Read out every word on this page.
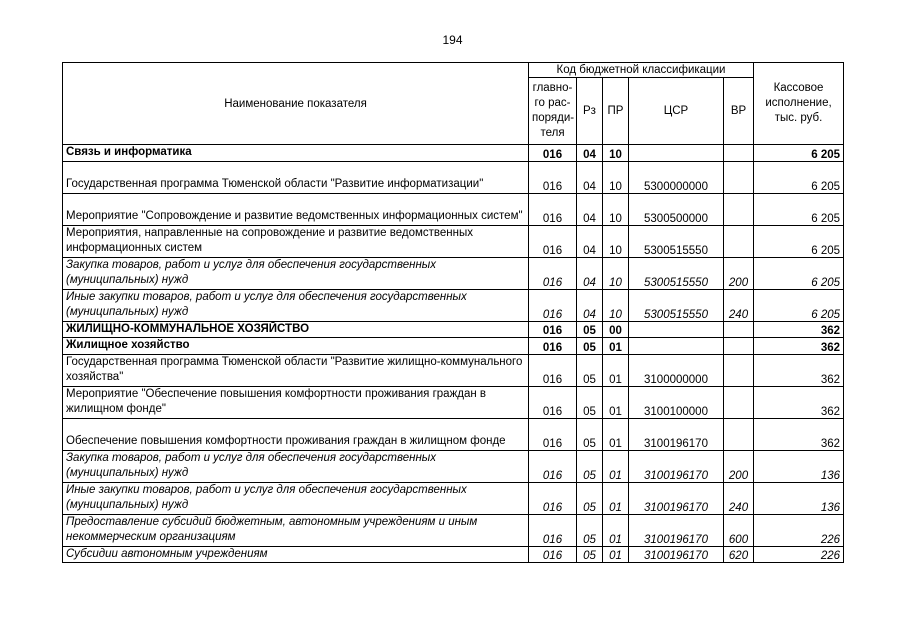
194
Наименование показателя	Код бюджетной классификации					Кассовое исполнение, тыс. руб.
	главно-го рас-поряди-теля	Рз	ПР	ЦСР	ВР	
Связь и информатика	016	04	10			6 205
Государственная программа Тюменской области "Развитие информатизации"	016	04	10	5300000000		6 205
Мероприятие "Сопровождение и развитие ведомственных информационных систем"	016	04	10	5300500000		6 205
Мероприятия, направленные на сопровождение и развитие ведомственных информационных систем	016	04	10	5300515550		6 205
Закупка товаров, работ и услуг для обеспечения государственных (муниципальных) нужд	016	04	10	5300515550	200	6 205
Иные закупки товаров, работ и услуг для обеспечения государственных (муниципальных) нужд	016	04	10	5300515550	240	6 205
ЖИЛИЩНО-КОММУНАЛЬНОЕ ХОЗЯЙСТВО	016	05	00			362
Жилищное хозяйство	016	05	01			362
Государственная программа Тюменской области "Развитие жилищно-коммунального хозяйства"	016	05	01	3100000000		362
Мероприятие "Обеспечение повышения комфортности проживания граждан в жилищном фонде"	016	05	01	3100100000		362
Обеспечение повышения комфортности проживания граждан в жилищном фонде	016	05	01	3100196170		362
Закупка товаров, работ и услуг для обеспечения государственных (муниципальных) нужд	016	05	01	3100196170	200	136
Иные закупки товаров, работ и услуг для обеспечения государственных (муниципальных) нужд	016	05	01	3100196170	240	136
Предоставление субсидий бюджетным, автономным учреждениям и иным некоммерческим организациям	016	05	01	3100196170	600	226
Субсидии автономным учреждениям	016	05	01	3100196170	620	226
